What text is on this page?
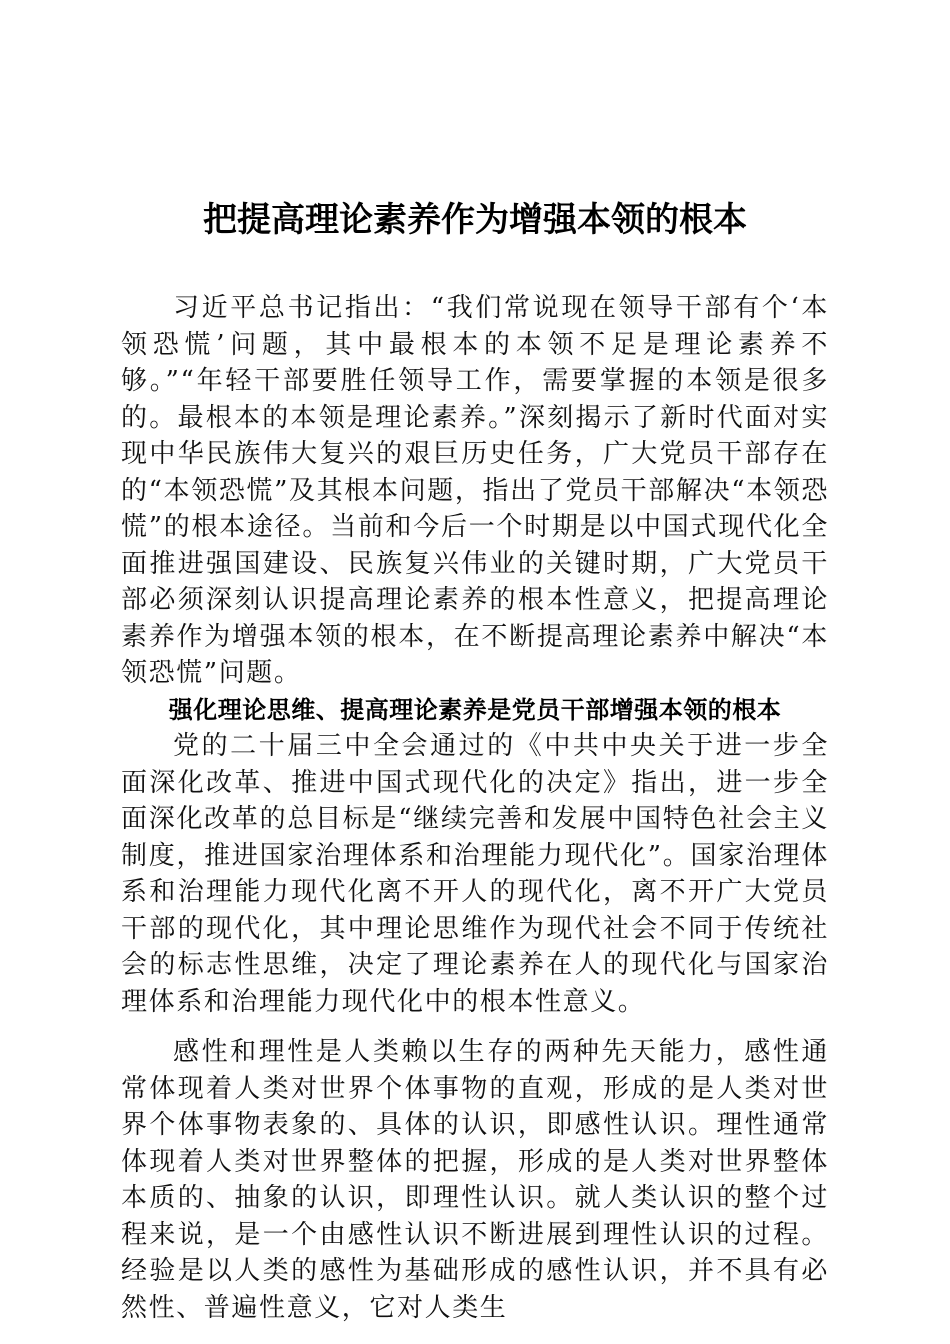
把提高理论素养作为增强本领的根本

习近平总书记指出：“我们常说现在领导干部有个‘本领恐慌’问题，其中最根本的本领不足是理论素养不够。”“年轻干部要胜任领导工作，需要掌握的本领是很多的。最根本的本领是理论素养。”深刻揭示了新时代面对实现中华民族伟大复兴的艰巨历史任务，广大党员干部存在的“本领恐慌”及其根本问题，指出了党员干部解决“本领恐慌”的根本途径。当前和今后一个时期是以中国式现代化全面推进强国建设、民族复兴伟业的关键时期，广大党员干部必须深刻认识提高理论素养的根本性意义，把提高理论素养作为增强本领的根本，在不断提高理论素养中解决“本领恐慌”问题。

强化理论思维、提高理论素养是党员干部增强本领的根本

党的二十届三中全会通过的《中共中央关于进一步全面深化改革、推进中国式现代化的决定》指出，进一步全面深化改革的总目标是“继续完善和发展中国特色社会主义制度，推进国家治理体系和治理能力现代化”。国家治理体系和治理能力现代化离不开人的现代化，离不开广大党员干部的现代化，其中理论思维作为现代社会不同于传统社会的标志性思维，决定了理论素养在人的现代化与国家治理体系和治理能力现代化中的根本性意义。

感性和理性是人类赖以生存的两种先天能力，感性通常体现着人类对世界个体事物的直观，形成的是人类对世界个体事物表象的、具体的认识，即感性认识。理性通常体现着人类对世界整体的把握，形成的是人类对世界整体本质的、抽象的认识，即理性认识。就人类认识的整个过程来说，是一个由感性认识不断进展到理性认识的过程。经验是以人类的感性为基础形成的感性认识，并不具有必然性、普遍性意义，它对人类生
